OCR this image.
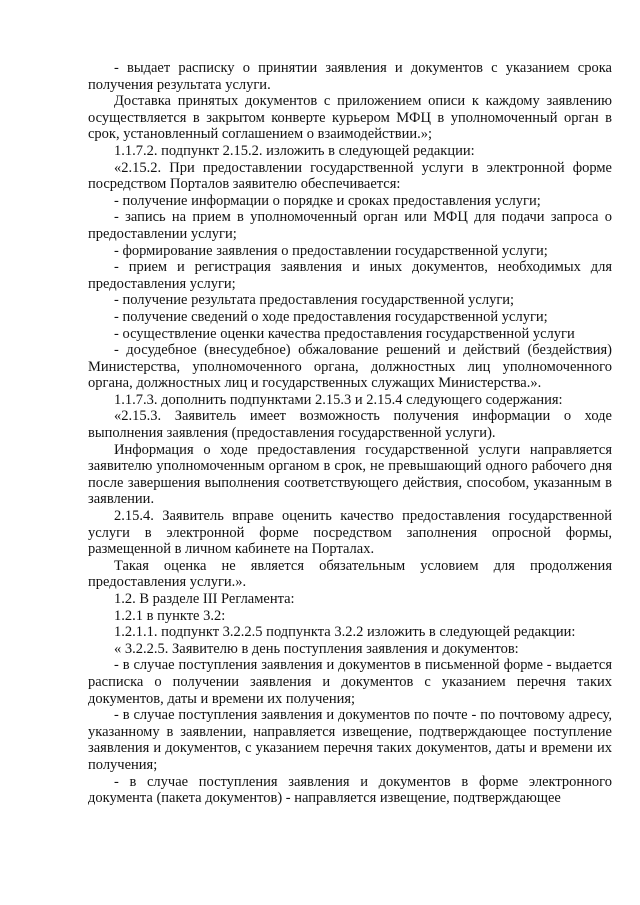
- выдает расписку о принятии заявления и документов с указанием срока получения результата услуги.

Доставка принятых документов с приложением описи к каждому заявлению осуществляется в закрытом конверте курьером МФЦ в уполномоченный орган в срок, установленный соглашением о взаимодействии.»;

1.1.7.2. подпункт 2.15.2. изложить в следующей редакции:

«2.15.2. При предоставлении государственной услуги в электронной форме посредством Порталов заявителю обеспечивается:

- получение информации о порядке и сроках предоставления услуги;

- запись на прием в уполномоченный орган или МФЦ для подачи запроса о предоставлении услуги;

- формирование заявления о предоставлении государственной услуги;

- прием и регистрация заявления и иных документов, необходимых для предоставления услуги;

- получение результата предоставления государственной услуги;

- получение сведений о ходе предоставления государственной услуги;

- осуществление оценки качества предоставления государственной услуги

- досудебное (внесудебное) обжалование решений и действий (бездействия) Министерства, уполномоченного органа, должностных лиц уполномоченного органа, должностных лиц и государственных служащих Министерства.».

1.1.7.3. дополнить подпунктами 2.15.3 и 2.15.4 следующего содержания:

«2.15.3. Заявитель имеет возможность получения информации о ходе выполнения заявления (предоставления государственной услуги).

Информация о ходе предоставления государственной услуги направляется заявителю уполномоченным органом в срок, не превышающий одного рабочего дня после завершения выполнения соответствующего действия, способом, указанным в заявлении.

2.15.4. Заявитель вправе оценить качество предоставления государственной услуги в электронной форме посредством заполнения опросной формы, размещенной в личном кабинете на Порталах.

Такая оценка не является обязательным условием для продолжения предоставления услуги.».

1.2. В разделе III Регламента:

1.2.1 в пункте 3.2:

1.2.1.1. подпункт 3.2.2.5 подпункта 3.2.2 изложить в следующей редакции:

« 3.2.2.5. Заявителю в день поступления заявления и документов:

- в случае поступления заявления и документов в письменной форме - выдается расписка о получении заявления и документов с указанием перечня таких документов, даты и времени их получения;

- в случае поступления заявления и документов по почте - по почтовому адресу, указанному в заявлении, направляется извещение, подтверждающее поступление заявления и документов, с указанием перечня таких документов, даты и времени их получения;

- в случае поступления заявления и документов в форме электронного документа (пакета документов) - направляется извещение, подтверждающее
